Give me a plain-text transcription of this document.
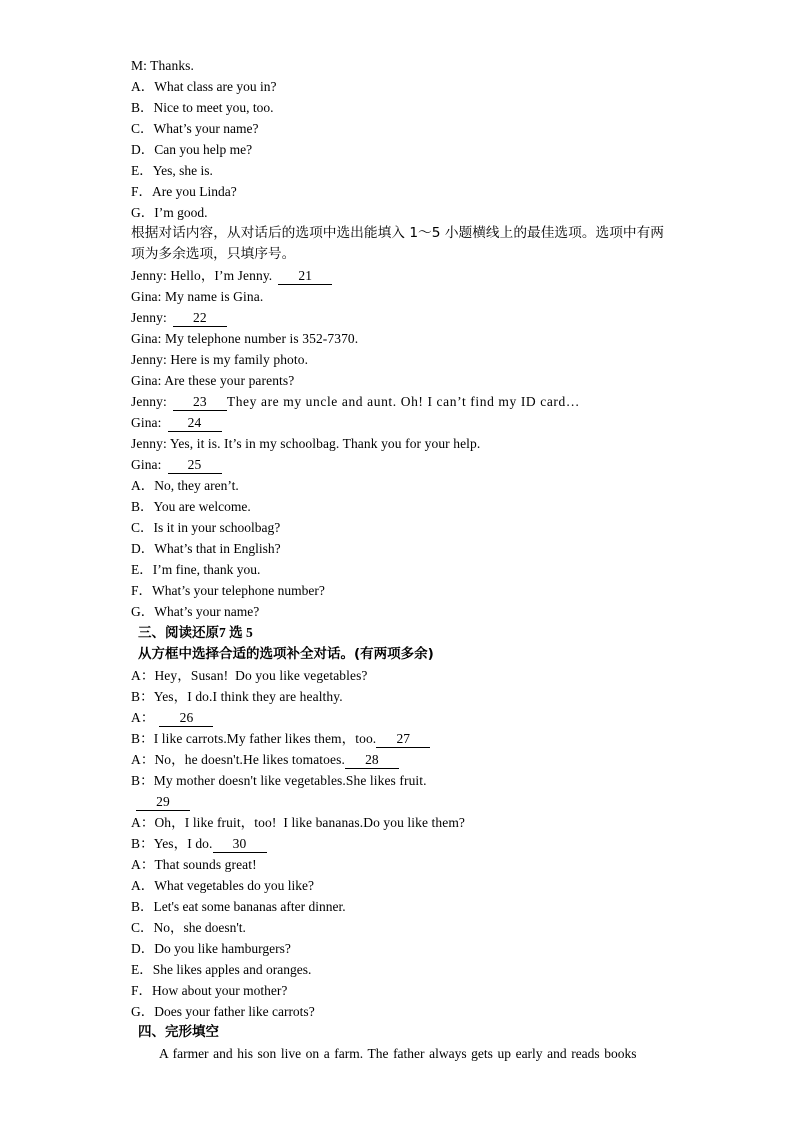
M: Thanks.
A．What class are you in?
B．Nice to meet you, too.
C．What’s your name?
D．Can you help me?
E．Yes, she is.
F．Are you Linda?
G．I’m good.

根据对话内容，从对话后的选项中选出能填入 1～5 小题横线上的最佳选项。选项中有两项为多余选项，只填序号。

Jenny: Hello，I’m Jenny. 21
Gina: My name is Gina.
Jenny: 22
Gina: My telephone number is 352-7370.
Jenny: Here is my family photo.
Gina: Are these your parents?
Jenny: 23 They are my uncle and aunt. Oh! I can’t find my ID card…
Gina: 24
Jenny: Yes, it is. It’s in my schoolbag. Thank you for your help.
Gina: 25
A．No, they aren’t.
B．You are welcome.
C．Is it in your schoolbag?
D．What’s that in English?
E．I’m fine, thank you.
F．What’s your telephone number?
G．What’s your name?
三、阅读还原7 选 5
从方框中选择合适的选项补全对话。(有两项多余)
A：Hey，Susan!  Do you like vegetables?
B：Yes，I do.I think they are healthy.
A： 26
B：I like carrots.My father likes them，too. 27
A：No，he doesn't.He likes tomatoes. 28
B：My mother doesn't like vegetables.She likes fruit.
29
A：Oh，I like fruit，too!  I like bananas.Do you like them?
B：Yes，I do. 30
A：That sounds great!
A．What vegetables do you like?
B．Let's eat some bananas after dinner.
C．No，she doesn't.
D．Do you like hamburgers?
E．She likes apples and oranges.
F．How about your mother?
G．Does your father like carrots?
四、完形填空

A farmer and his son live on a farm. The father always gets up early and reads books
